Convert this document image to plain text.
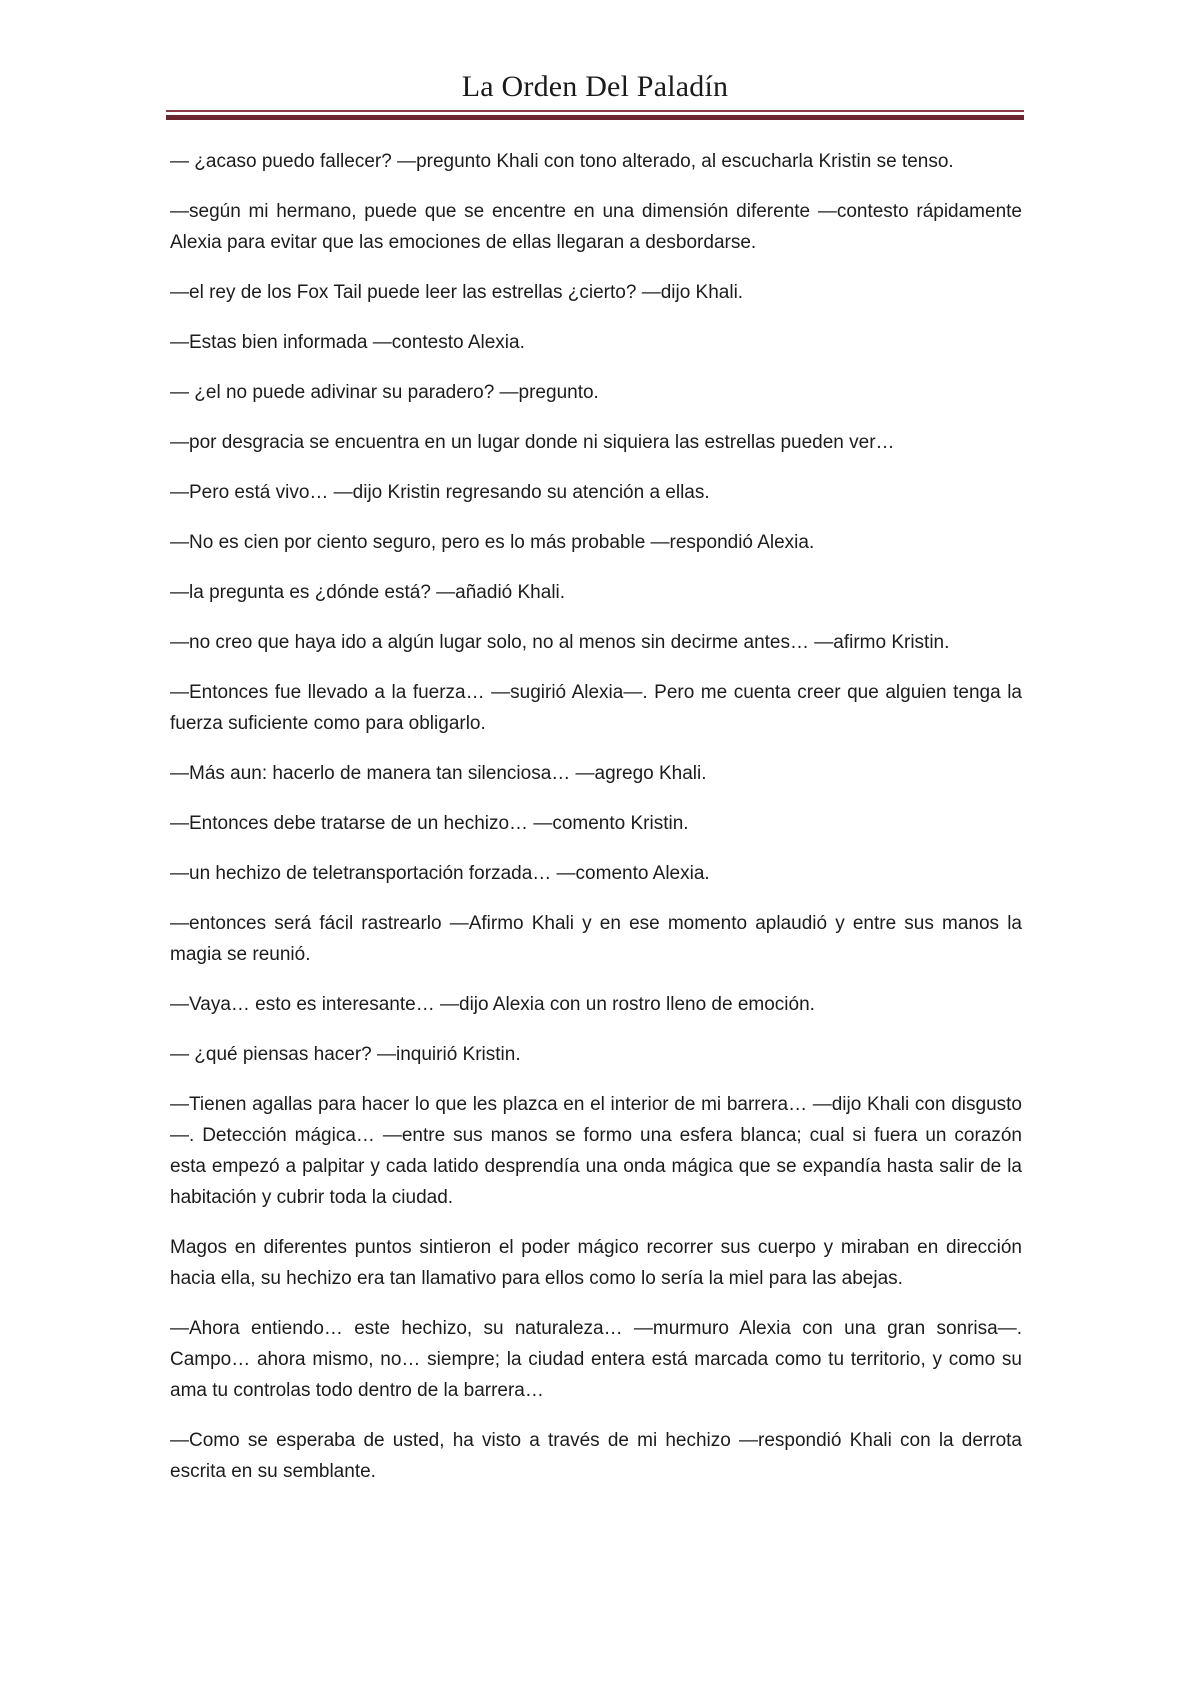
La Orden Del Paladín

— ¿acaso puedo fallecer? —pregunto Khali con tono alterado, al escucharla Kristin se tenso.

—según mi hermano, puede que se encentre en una dimensión diferente —contesto rápidamente Alexia para evitar que las emociones de ellas llegaran a desbordarse.

—el rey de los Fox Tail puede leer las estrellas ¿cierto? —dijo Khali.

—Estas bien informada —contesto Alexia.

— ¿el no puede adivinar su paradero? —pregunto.

—por desgracia se encuentra en un lugar donde ni siquiera las estrellas pueden ver…

—Pero está vivo… —dijo Kristin regresando su atención a ellas.

—No es cien por ciento seguro, pero es lo más probable —respondió Alexia.

—la pregunta es ¿dónde está? —añadió Khali.

—no creo que haya ido a algún lugar solo, no al menos sin decirme antes… —afirmo Kristin.

—Entonces fue llevado a la fuerza… —sugirió Alexia—. Pero me cuenta creer que alguien tenga la fuerza suficiente como para obligarlo.

—Más aun: hacerlo de manera tan silenciosa… —agrego Khali.

—Entonces debe tratarse de un hechizo… —comento Kristin.

—un hechizo de teletransportación forzada… —comento Alexia.

—entonces será fácil rastrearlo —Afirmo Khali y en ese momento aplaudió y entre sus manos la magia se reunió.

—Vaya… esto es interesante… —dijo Alexia con un rostro lleno de emoción.

— ¿qué piensas hacer? —inquirió Kristin.

—Tienen agallas para hacer lo que les plazca en el interior de mi barrera… —dijo Khali con disgusto—. Detección mágica… —entre sus manos se formo una esfera blanca; cual si fuera un corazón esta empezó a palpitar y cada latido desprendía una onda mágica que se expandía hasta salir de la habitación y cubrir toda la ciudad.

Magos en diferentes puntos sintieron el poder mágico recorrer sus cuerpo y miraban en dirección hacia ella, su hechizo era tan llamativo para ellos como lo sería la miel para las abejas.

—Ahora entiendo… este hechizo, su naturaleza… —murmuro Alexia con una gran sonrisa—. Campo… ahora mismo, no… siempre; la ciudad entera está marcada como tu territorio, y como su ama tu controlas todo dentro de la barrera…

—Como se esperaba de usted, ha visto a través de mi hechizo —respondió Khali con la derrota escrita en su semblante.
